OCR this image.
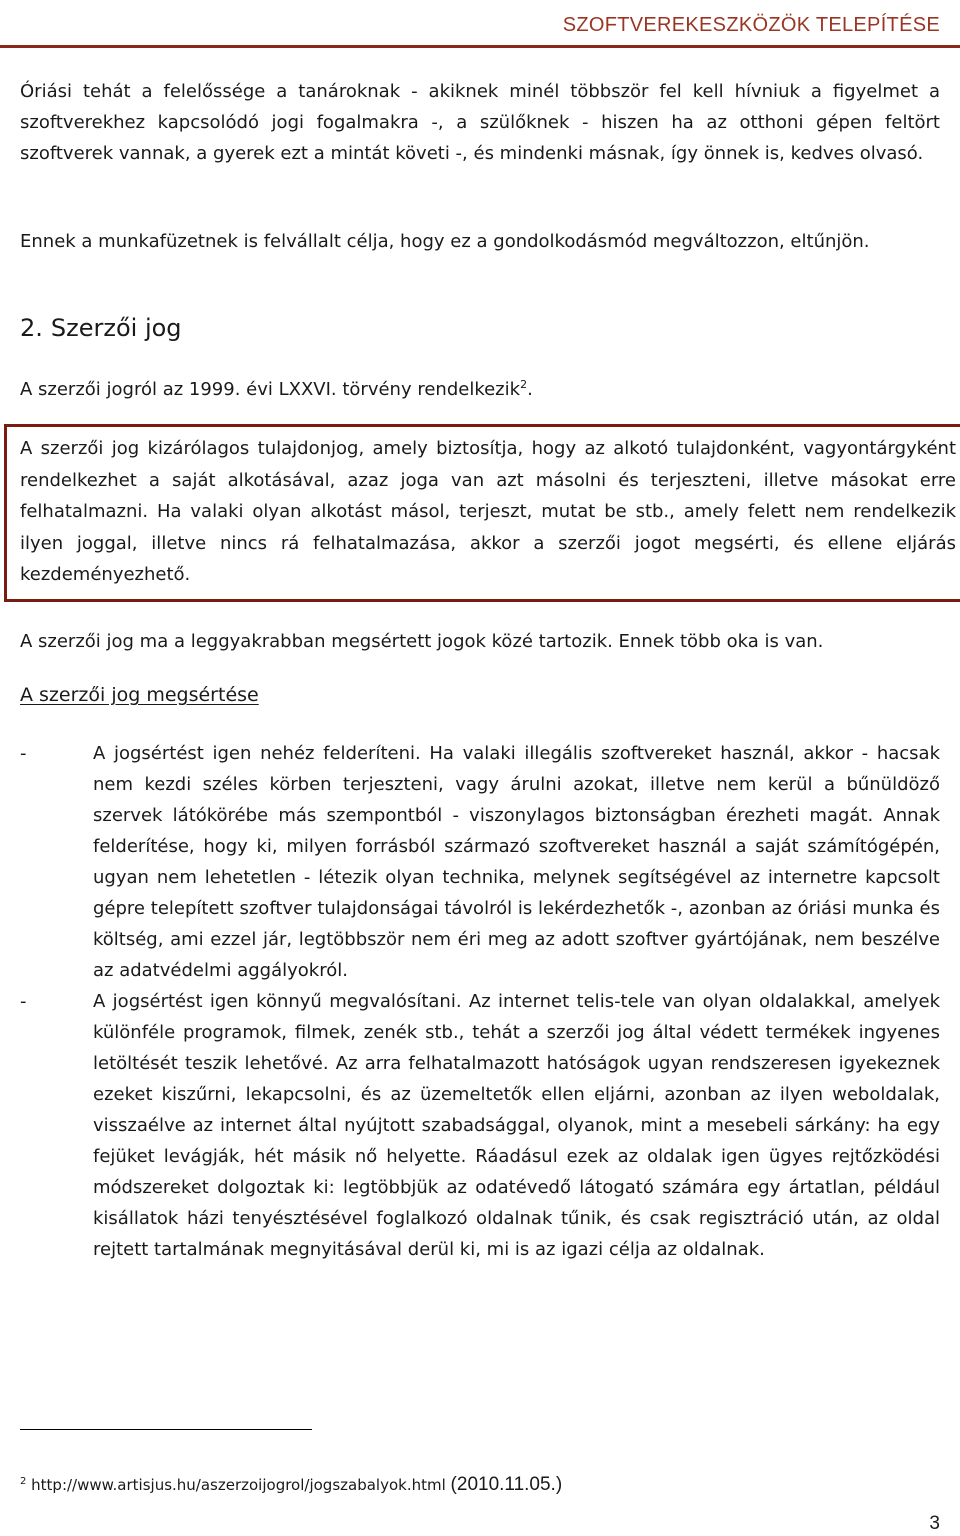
SZOFTVEREKESZKÖZÖK TELEPÍTÉSE

Óriási tehát a felelőssége a tanároknak - akiknek minél többször fel kell hívniuk a figyelmet a szoftverekhez kapcsolódó jogi fogalmakra -, a szülőknek - hiszen ha az otthoni gépen feltört szoftverek vannak, a gyerek ezt a mintát követi -, és mindenki másnak, így önnek is, kedves olvasó.

Ennek a munkafüzetnek is felvállalt célja, hogy ez a gondolkodásmód megváltozzon, eltűnjön.

2. Szerzői jog

A szerzői jogról az 1999. évi LXXVI. törvény rendelkezik$^2$.

A szerzői jog kizárólagos tulajdonjog, amely biztosítja, hogy az alkotó tulajdonként, vagyontárgyként rendelkezhet a saját alkotásával, azaz joga van azt másolni és terjeszteni, illetve másokat erre felhatalmazni. Ha valaki olyan alkotást másol, terjeszt, mutat be stb., amely felett nem rendelkezik ilyen joggal, illetve nincs rá felhatalmazása, akkor a szerzői jogot megsérti, és ellene eljárás kezdeményezhető.

A szerzői jog ma a leggyakrabban megsértett jogok közé tartozik. Ennek több oka is van.

A szerzői jog megsértése
-	A jogsértést igen nehéz felderíteni. Ha valaki illegális szoftvereket használ, akkor - hacsak nem kezdi széles körben terjeszteni, vagy árulni azokat, illetve nem kerül a bűnüldöző szervek látókörébe más szempontból - viszonylagos biztonságban érezheti magát. Annak felderítése, hogy ki, milyen forrásból származó szoftvereket használ a saját számítógépén, ugyan nem lehetetlen - létezik olyan technika, melynek segítségével az internetre kapcsolt gépre telepített szoftver tulajdonságai távolról is lekérdezhetők -, azonban az óriási munka és költség, ami ezzel jár, legtöbbször nem éri meg az adott szoftver gyártójának, nem beszélve az adatvédelmi aggályokról.
-	A jogsértést igen könnyű megvalósítani. Az internet telis-tele van olyan oldalakkal, amelyek különféle programok, filmek, zenék stb., tehát a szerzői jog által védett termékek ingyenes letöltését teszik lehetővé. Az arra felhatalmazott hatóságok ugyan rendszeresen igyekeznek ezeket kiszűrni, lekapcsolni, és az üzemeltetők ellen eljárni, azonban az ilyen weboldalak, visszaélve az internet által nyújtott szabadsággal, olyanok, mint a mesebeli sárkány: ha egy fejüket levágják, hét másik nő helyette. Ráadásul ezek az oldalak igen ügyes rejtőzködési módszereket dolgoztak ki: legtöbbjük az odatévedő látogató számára egy ártatlan, például kisállatok házi tenyésztésével foglalkozó oldalnak tűnik, és csak regisztráció után, az oldal rejtett tartalmának megnyitásával derül ki, mi is az igazi célja az oldalnak.
$^2$ http://www.artisjus.hu/aszerzoijogrol/jogszabalyok.html (2010.11.05.)
3
